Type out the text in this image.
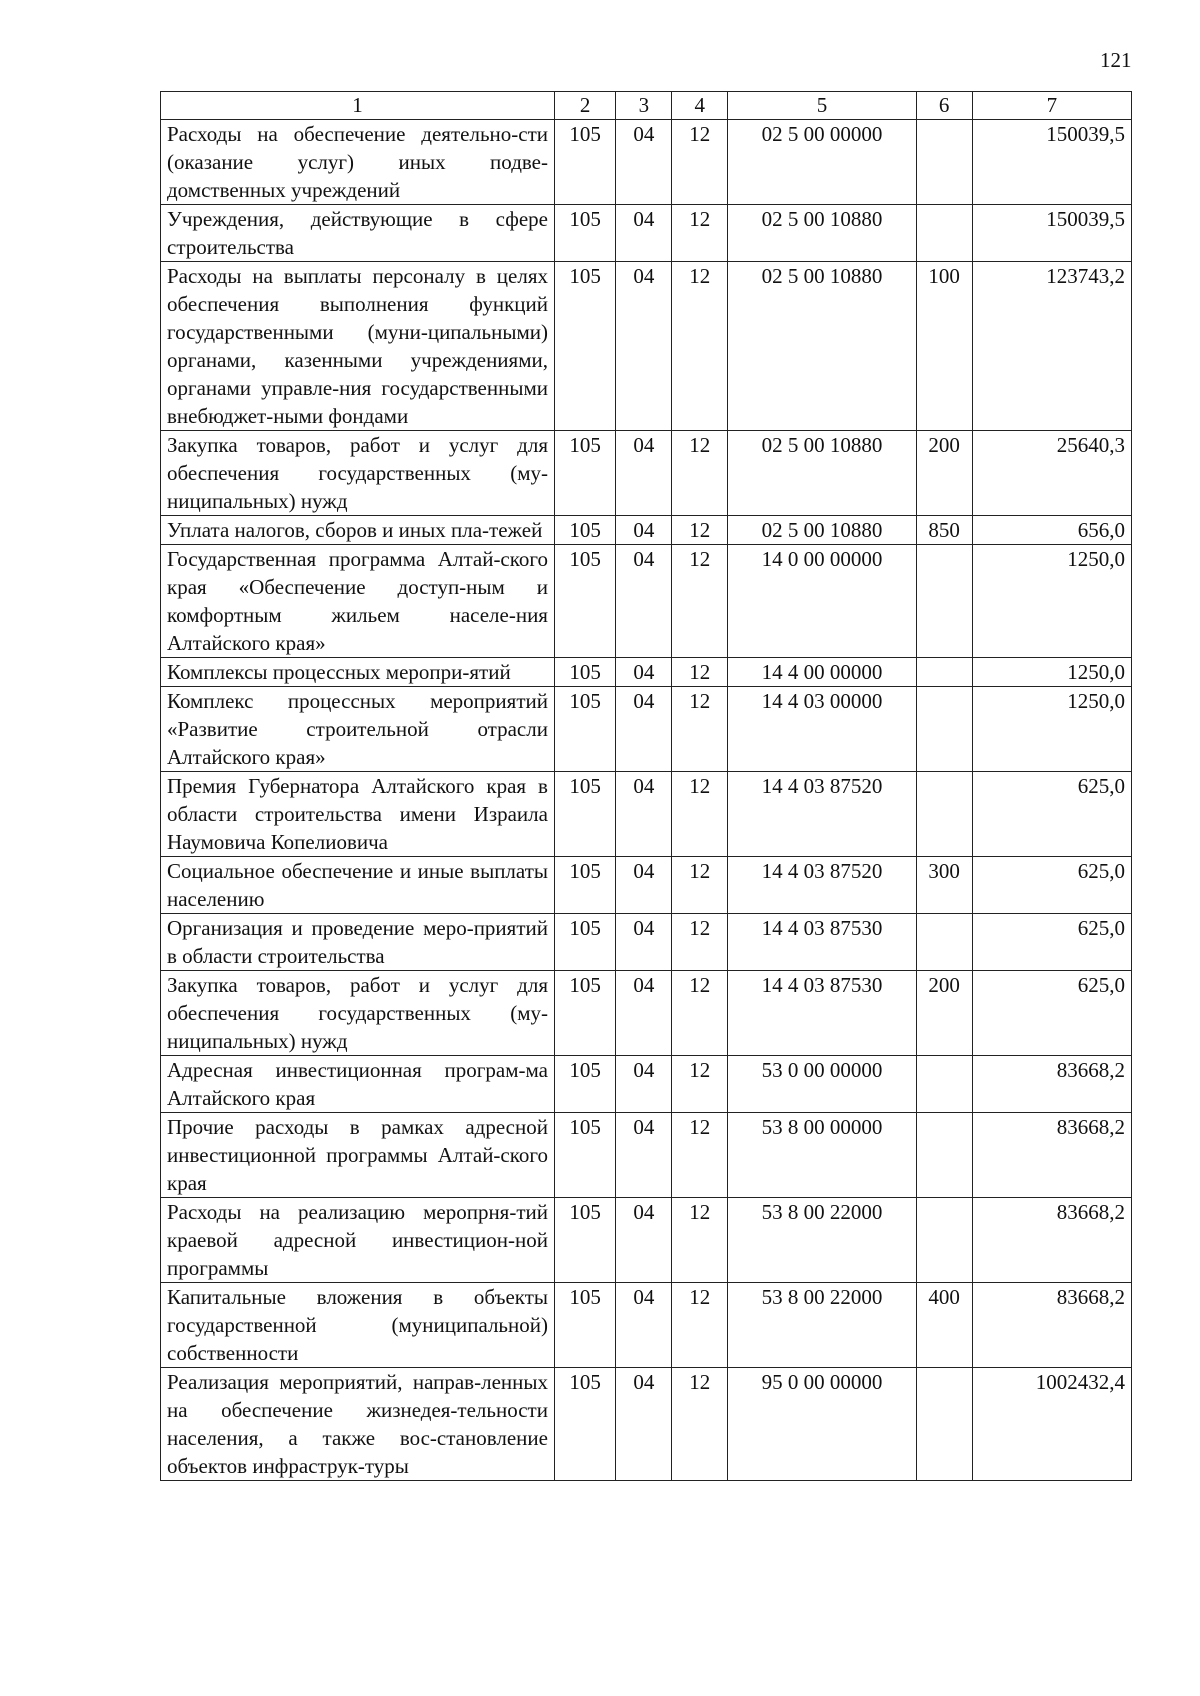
121
1	2	3	4	5	6	7
Расходы на обеспечение деятельно-сти (оказание услуг) иных подве-домственных учреждений	105	04	12	02 5 00 00000		150039,5
Учреждения, действующие в сфере строительства	105	04	12	02 5 00 10880		150039,5
Расходы на выплаты персоналу в целях обеспечения выполнения функций государственными (муни-ципальными) органами, казенными учреждениями, органами управле-ния государственными внебюджет-ными фондами	105	04	12	02 5 00 10880	100	123743,2
Закупка товаров, работ и услуг для обеспечения государственных (му-ниципальных) нужд	105	04	12	02 5 00 10880	200	25640,3
Уплата налогов, сборов и иных пла-тежей	105	04	12	02 5 00 10880	850	656,0
Государственная программа Алтай-ского края «Обеспечение доступ-ным и комфортным жильем населе-ния Алтайского края»	105	04	12	14 0 00 00000		1250,0
Комплексы процессных меропри-ятий	105	04	12	14 4 00 00000		1250,0
Комплекс процессных мероприятий «Развитие строительной отрасли Алтайского края»	105	04	12	14 4 03 00000		1250,0
Премия Губернатора Алтайского края в области строительства имени Израила Наумовича Копелиовича	105	04	12	14 4 03 87520		625,0
Социальное обеспечение и иные выплаты населению	105	04	12	14 4 03 87520	300	625,0
Организация и проведение меро-приятий в области строительства	105	04	12	14 4 03 87530		625,0
Закупка товаров, работ и услуг для обеспечения государственных (му-ниципальных) нужд	105	04	12	14 4 03 87530	200	625,0
Адресная инвестиционная програм-ма Алтайского края	105	04	12	53 0 00 00000		83668,2
Прочие расходы в рамках адресной инвестиционной программы Алтай-ского края	105	04	12	53 8 00 00000		83668,2
Расходы на реализацию меропрня-тий краевой адресной инвестицион-ной программы	105	04	12	53 8 00 22000		83668,2
Капитальные вложения в объекты государственной (муниципальной) собственности	105	04	12	53 8 00 22000	400	83668,2
Реализация мероприятий, направ-ленных на обеспечение жизнедея-тельности населения, а также вос-становление объектов инфраструк-туры	105	04	12	95 0 00 00000		1002432,4
